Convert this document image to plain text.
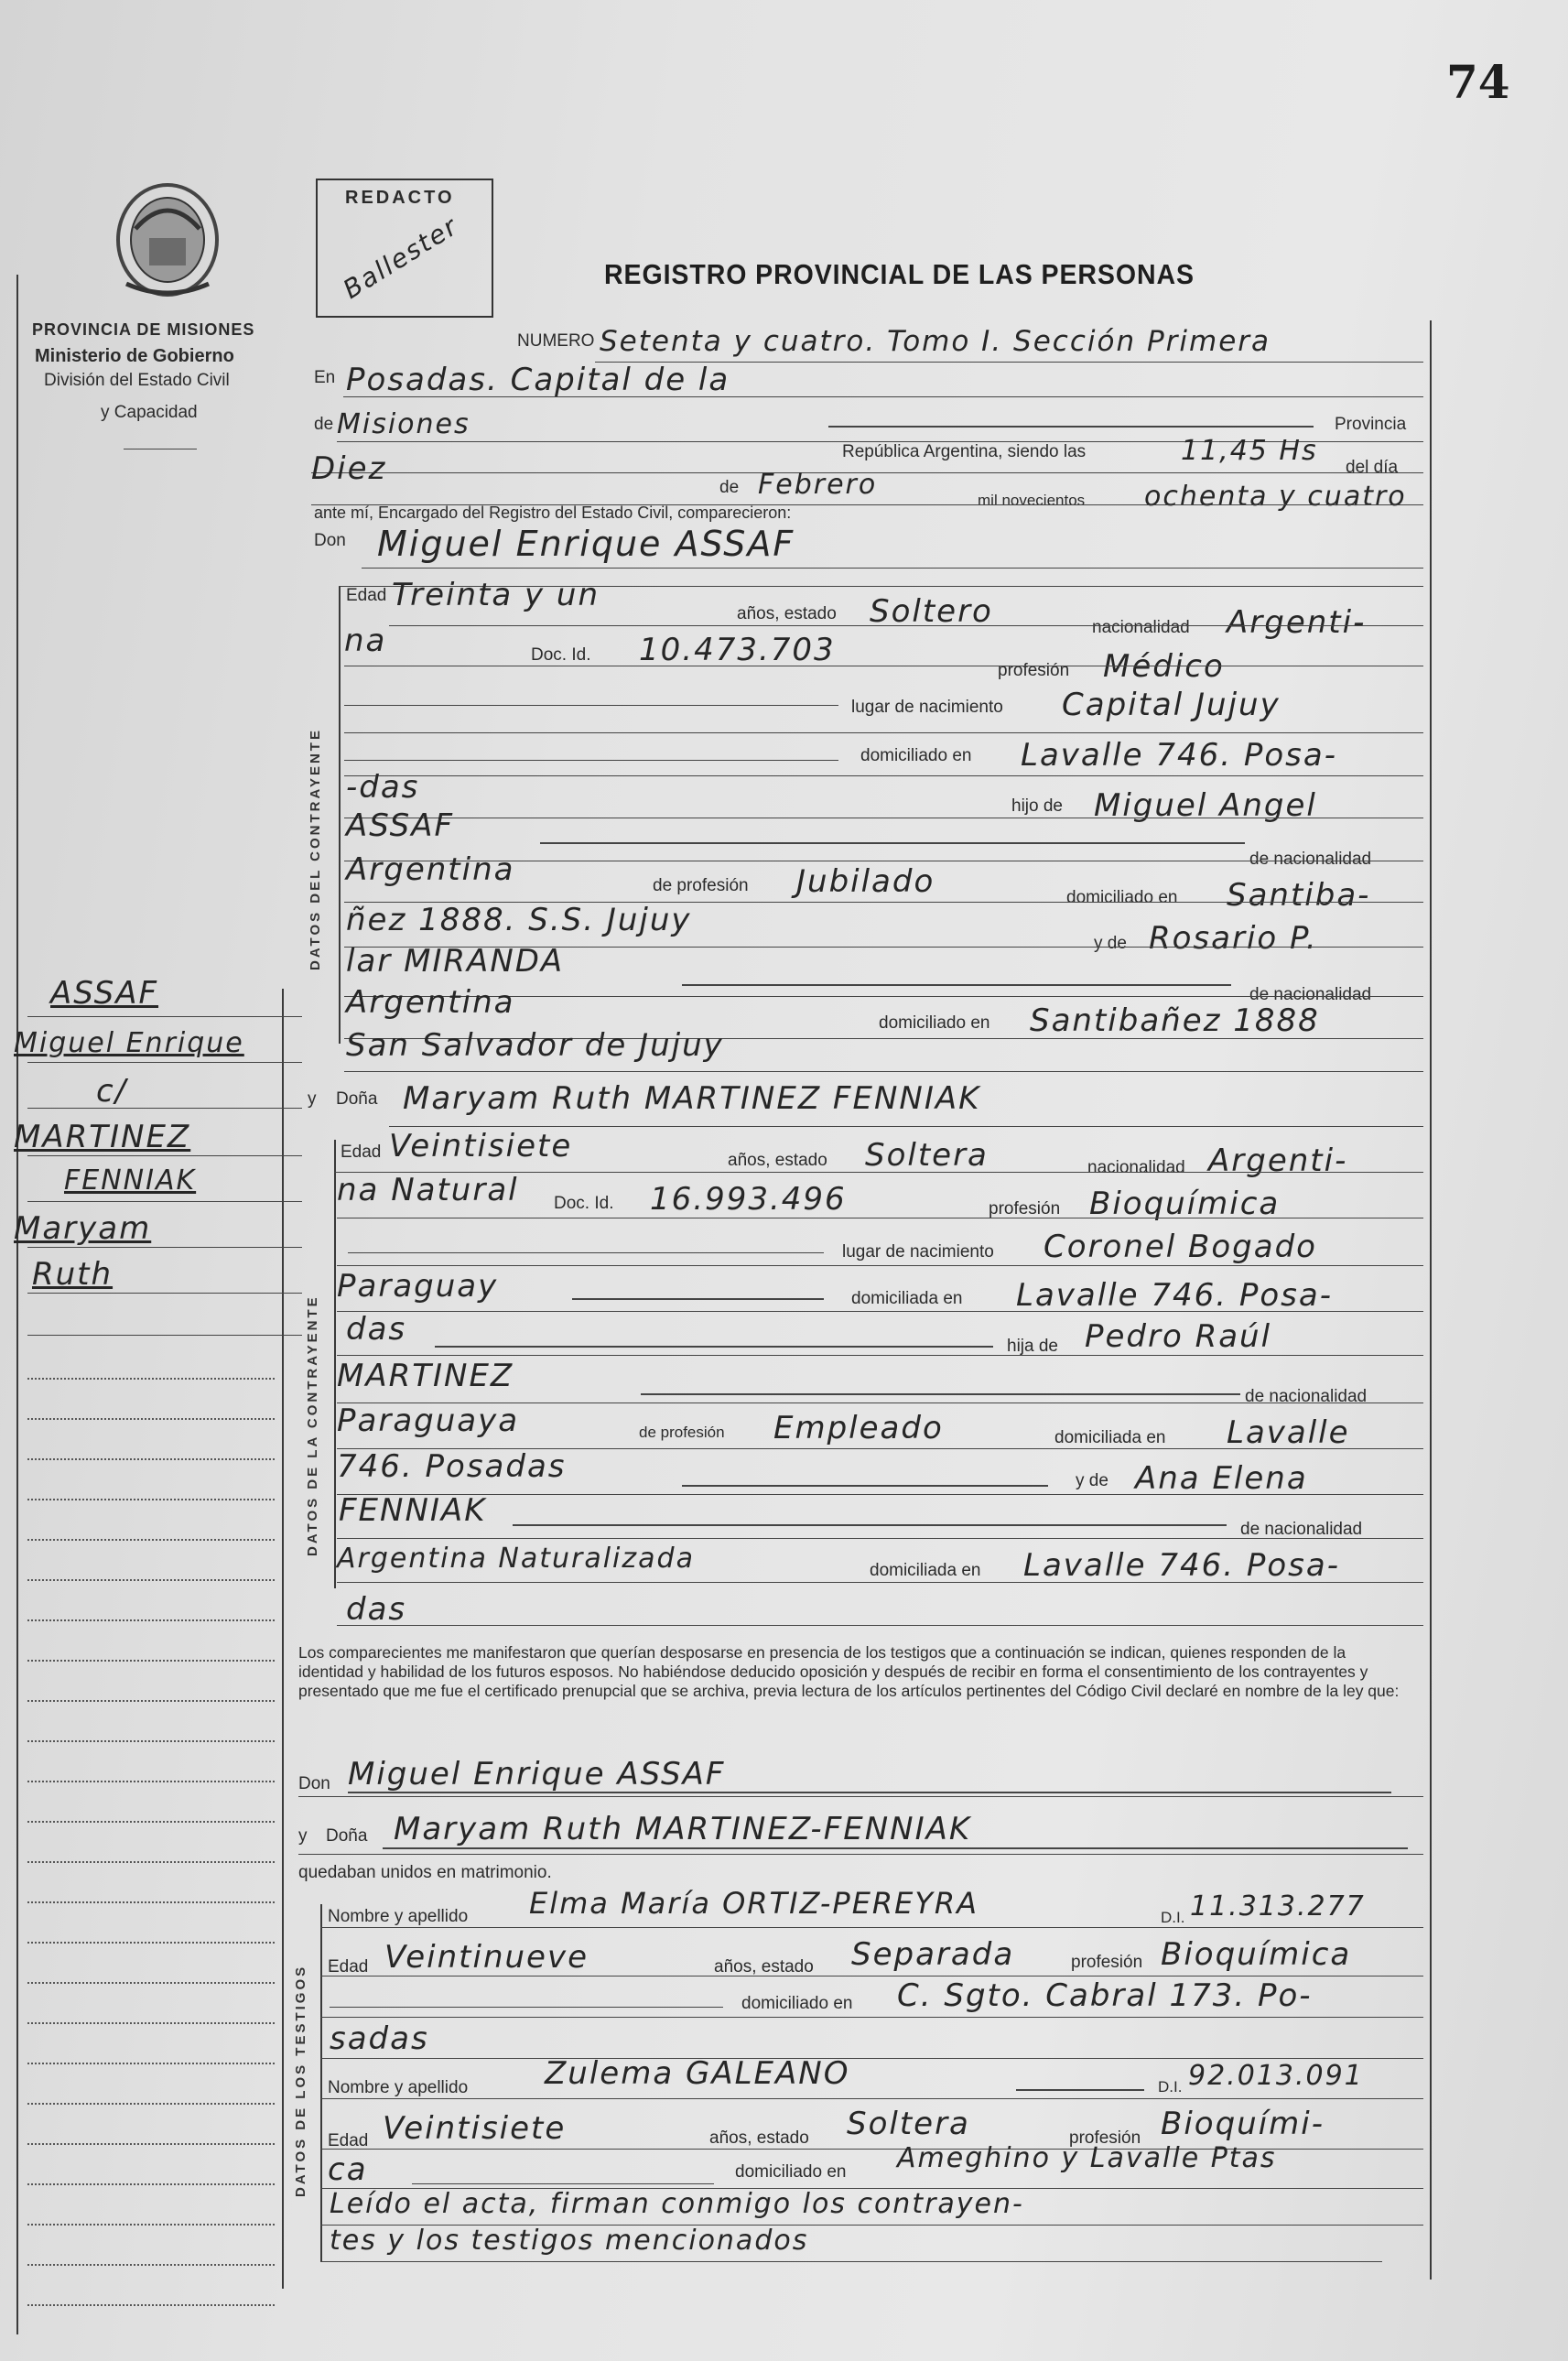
74
PROVINCIA DE MISIONES
Ministerio de Gobierno
División del Estado Civil
y Capacidad
REDACTO
Ballester	REGISTRO PROVINCIAL DE LAS PERSONAS
NUMERO Setenta y cuatro. Tomo I. Sección Primera
En Posadas. Capital de la
de Misiones	Provincia
República Argentina, siendo las	11,45 Hs
del día
Diez
de Febrero	mil novecientos ochenta y cuatro
ante mí, Encargado del Registro del Estado Civil, comparecieron:
Don Miguel Enrique ASSAF
DATOS DEL CONTRAYENTE
Edad Treinta y un
años, estado Soltero	nacionalidad Argenti-
na	Doc. Id. 10.473.703
profesión Médico
lugar de nacimiento Capital Jujuy
domiciliado en Lavalle 746. Posa-
-das
hijo de Miguel Angel
ASSAF
de nacionalidad
Argentina	de profesión Jubilado	domiciliado en Santiba-
ñez 1888. S.S. Jujuy
y de Rosario P.
lar MIRANDA
de nacionalidad
Argentina
domiciliado en Santibañez 1888
San Salvador de Jujuy
y Doña Maryam Ruth MARTINEZ FENNIAK
DATOS DE LA CONTRAYENTE
Edad Veintisiete	años, estado Soltera	nacionalidad Argenti-
na Natural Doc. Id. 16.993.496	profesión Bioquímica
lugar de nacimiento Coronel Bogado
Paraguay	domiciliada en Lavalle 746. Posa-
das	hija de Pedro Raúl
MARTINEZ
de nacionalidad
Paraguaya	de profesión Empleado	domiciliada en Lavalle
746. Posadas	y de Ana Elena
FENNIAK
de nacionalidad
Argentina Naturalizada	domiciliada en Lavalle 746. Posa-
das
ASSAF
Miguel Enrique
c/
MARTINEZ
FENNIAK
Maryam
Ruth
Los comparecientes me manifestaron que querían desposarse en presencia de los testigos que a continuación se indican, quienes responden de la identidad y habilidad de los futuros esposos. No habiéndose deducido oposición y después de recibir en forma el consentimiento de los contrayentes y presentado que me fue el certificado prenupcial que se archiva, previa lectura de los artículos pertinentes del Código Civil declaré en nombre de la ley que:
Don Miguel Enrique ASSAF
y Doña Maryam Ruth MARTINEZ-FENNIAK
quedaban unidos en matrimonio.
DATOS DE LOS TESTIGOS
Nombre y apellido Elma María ORTIZ-PEREYRA	D.I. 11.313.277
Edad Veintinueve	años, estado Separada	profesión Bioquímica
domiciliado en C. Sgto. Cabral 173. Po-
sadas
Nombre y apellido Zulema GALEANO	D.I. 92.013.091
Edad Veintisiete	años, estado Soltera	profesión Bioquími-
ca	domiciliado en Ameghino y Lavalle Ptas
Leído el acta, firman conmigo los contrayen-
tes y los testigos mencionados
